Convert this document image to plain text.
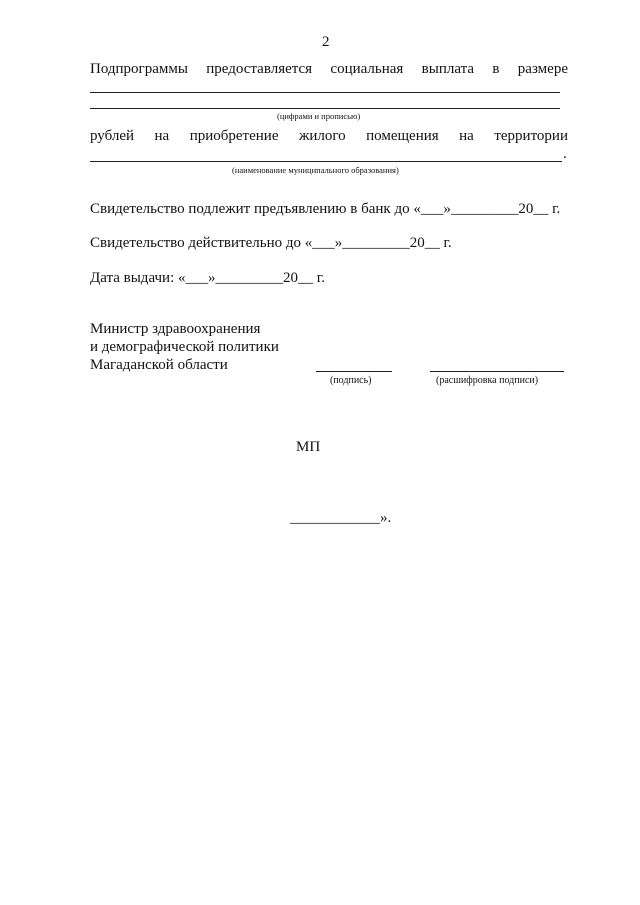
2
Подпрограммы предоставляется социальная выплата в размере
(цифрами и прописью)
рублей на приобретение жилого помещения на территории
.
(наименование муниципального образования)
Свидетельство подлежит предъявлению в банк до «___»_________20__ г.
Свидетельство действительно до «___»_________20__ г.
Дата выдачи: «___»_________20__ г.
Министр здравоохранения
и демографической политики
Магаданской области
(подпись)	(расшифровка подписи)
МП
____________».
